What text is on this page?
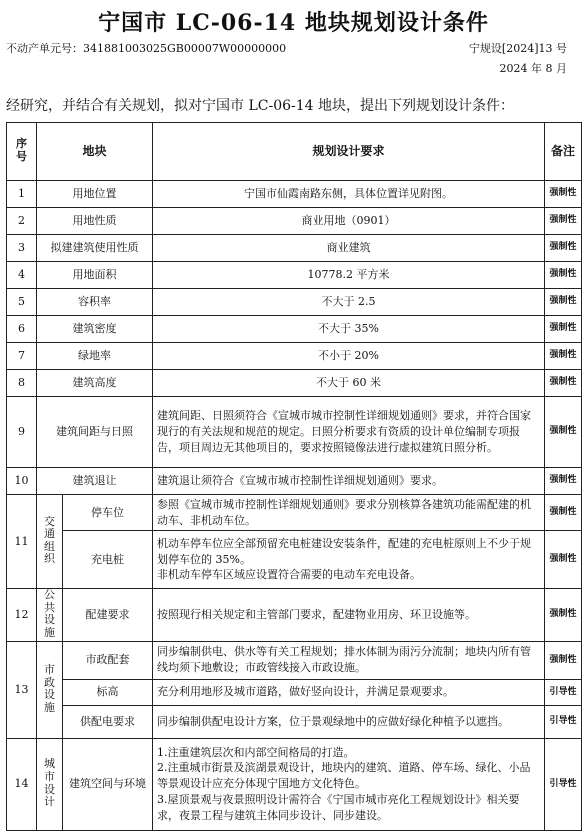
宁国市 LC-06-14 地块规划设计条件
不动产单元号：341881003025GB00007W00000000	宁规设[2024]13 号
2024 年 8 月
经研究，并结合有关规划，拟对宁国市 LC-06-14 地块，提出下列规划设计条件：
序号	地块		规划设计要求	备注
1	用地位置		宁国市仙霞南路东侧，具体位置详见附图。	强制性
2	用地性质		商业用地（0901）	强制性
3	拟建建筑使用性质		商业建筑	强制性
4	用地面积		10778.2 平方米	强制性
5	容积率		不大于 2.5	强制性
6	建筑密度		不大于 35%	强制性
7	绿地率		不小于 20%	强制性
8	建筑高度		不大于 60 米	强制性
9	建筑间距与日照		建筑间距、日照须符合《宣城市城市控制性详细规划通则》要求，并符合国家现行的有关法规和规范的规定。日照分析要求有资质的设计单位编制专项报告，项目周边无其他项目的，要求按照镜像法进行虚拟建筑日照分析。	强制性
10	建筑退让		建筑退让须符合《宣城市城市控制性详细规划通则》要求。	强制性
11	交通组织	停车位	参照《宣城市城市控制性详细规划通则》要求分别核算各建筑功能需配建的机动车、非机动车位。	强制性
		充电桩	机动车停车位应全部预留充电桩建设安装条件，配建的充电桩原则上不少于规划停车位的 35%。
非机动车停车区域应设置符合需要的电动车充电设备。	强制性
12	公共设施	配建要求	按照现行相关规定和主管部门要求，配建物业用房、环卫设施等。	强制性
13	市政设施	市政配套	同步编制供电、供水等有关工程规划；排水体制为雨污分流制；地块内所有管线均须下地敷设；市政管线接入市政设施。	强制性
		标高	充分利用地形及城市道路，做好竖向设计，并满足景观要求。	引导性
		供配电要求	同步编制供配电设计方案，位于景观绿地中的应做好绿化种植予以遮挡。	引导性
14	城市设计	建筑空间与环境	1.注重建筑层次和内部空间格局的打造。
2.注重城市街景及滨湖景观设计，地块内的建筑、道路、停车场、绿化、小品等景观设计应充分体现宁国地方文化特色。
3.屋顶景观与夜景照明设计需符合《宁国市城市亮化工程规划设计》相关要求，夜景工程与建筑主体同步设计、同步建设。	引导性
